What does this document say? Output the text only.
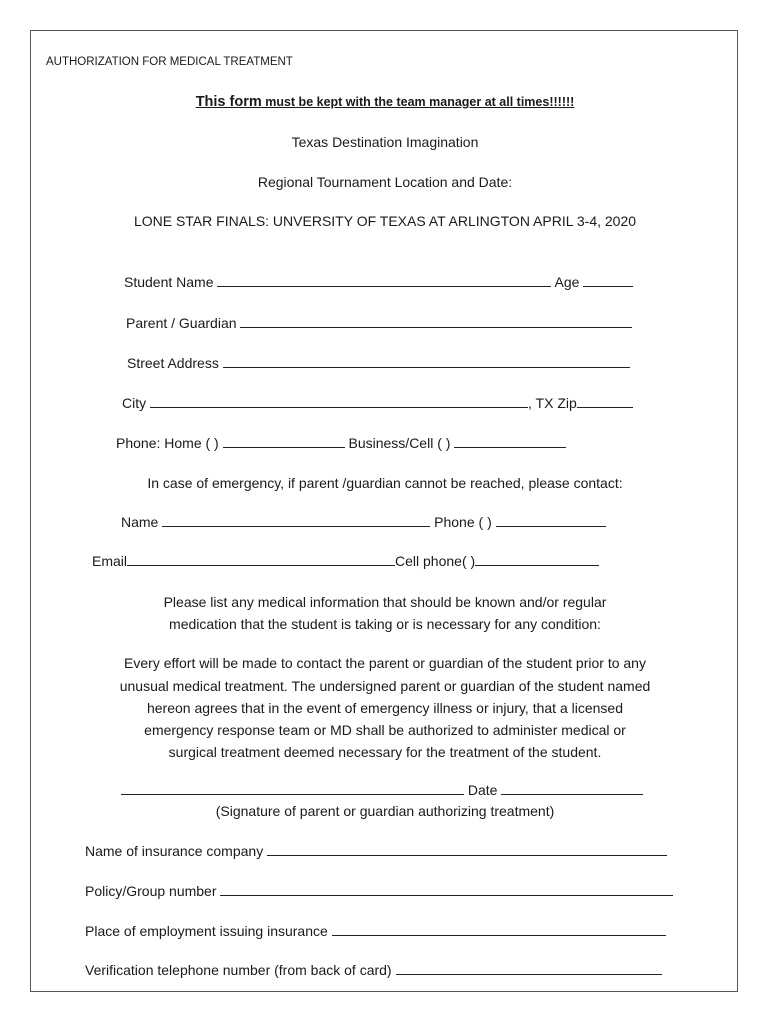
AUTHORIZATION FOR MEDICAL TREATMENT
This form must be kept with the team manager at all times!!!!!!
Texas Destination Imagination
Regional Tournament Location and Date:
LONE STAR FINALS: UNVERSITY OF TEXAS AT ARLINGTON APRIL 3-4, 2020
Student Name	Age
Parent / Guardian
Street Address
City	, TX Zip
Phone: Home ( )	Business/Cell ( )
In case of emergency, if parent /guardian cannot be reached, please contact:
Name	Phone ( )
Email	Cell phone( )
Please list any medical information that should be known and/or regular
medication that the student is taking or is necessary for any condition:
Every effort will be made to contact the parent or guardian of the student prior to any
unusual medical treatment. The undersigned parent or guardian of the student named
hereon agrees that in the event of emergency illness or injury, that a licensed
emergency response team or MD shall be authorized to administer medical or
surgical treatment deemed necessary for the treatment of the student.
Date
(Signature of parent or guardian authorizing treatment)
Name of insurance company
Policy/Group number
Place of employment issuing insurance
Verification telephone number (from back of card)
